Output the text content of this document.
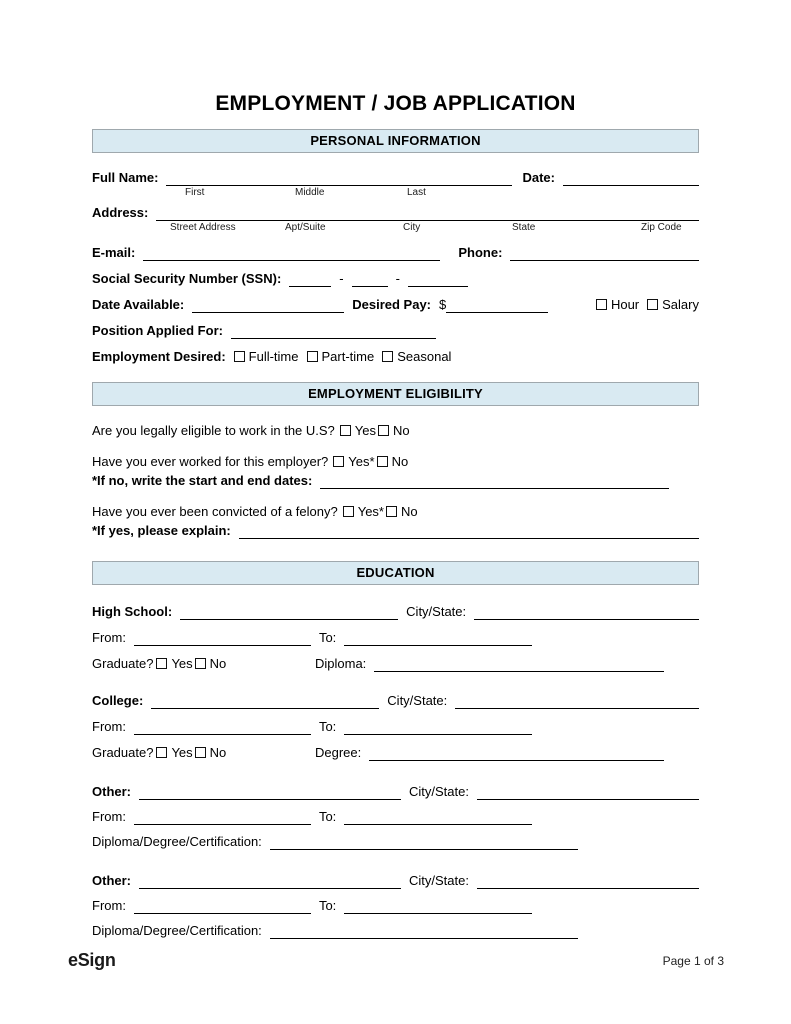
EMPLOYMENT / JOB APPLICATION
PERSONAL INFORMATION
Full Name:	Date:
First	Middle	Last
Address:
Street Address	Apt/Suite	City	State	Zip Code
E-mail:	Phone:
Social Security Number (SSN):	-	-
Date Available:	Desired Pay: $	Hour Salary
Position Applied For:
Employment Desired: Full-time Part-time Seasonal
EMPLOYMENT ELIGIBILITY
Are you legally eligible to work in the U.S? Yes No
Have you ever worked for this employer? Yes* No
*If no, write the start and end dates:
Have you ever been convicted of a felony? Yes* No
*If yes, please explain:
EDUCATION
High School:	City/State:
From:	To:
Graduate? Yes No	Diploma:
College:	City/State:
From:	To:
Graduate? Yes No	Degree:
Other:	City/State:
From:	To:
Diploma/Degree/Certification:
Other:	City/State:
From:	To:
Diploma/Degree/Certification:
eSign	Page 1 of 3
